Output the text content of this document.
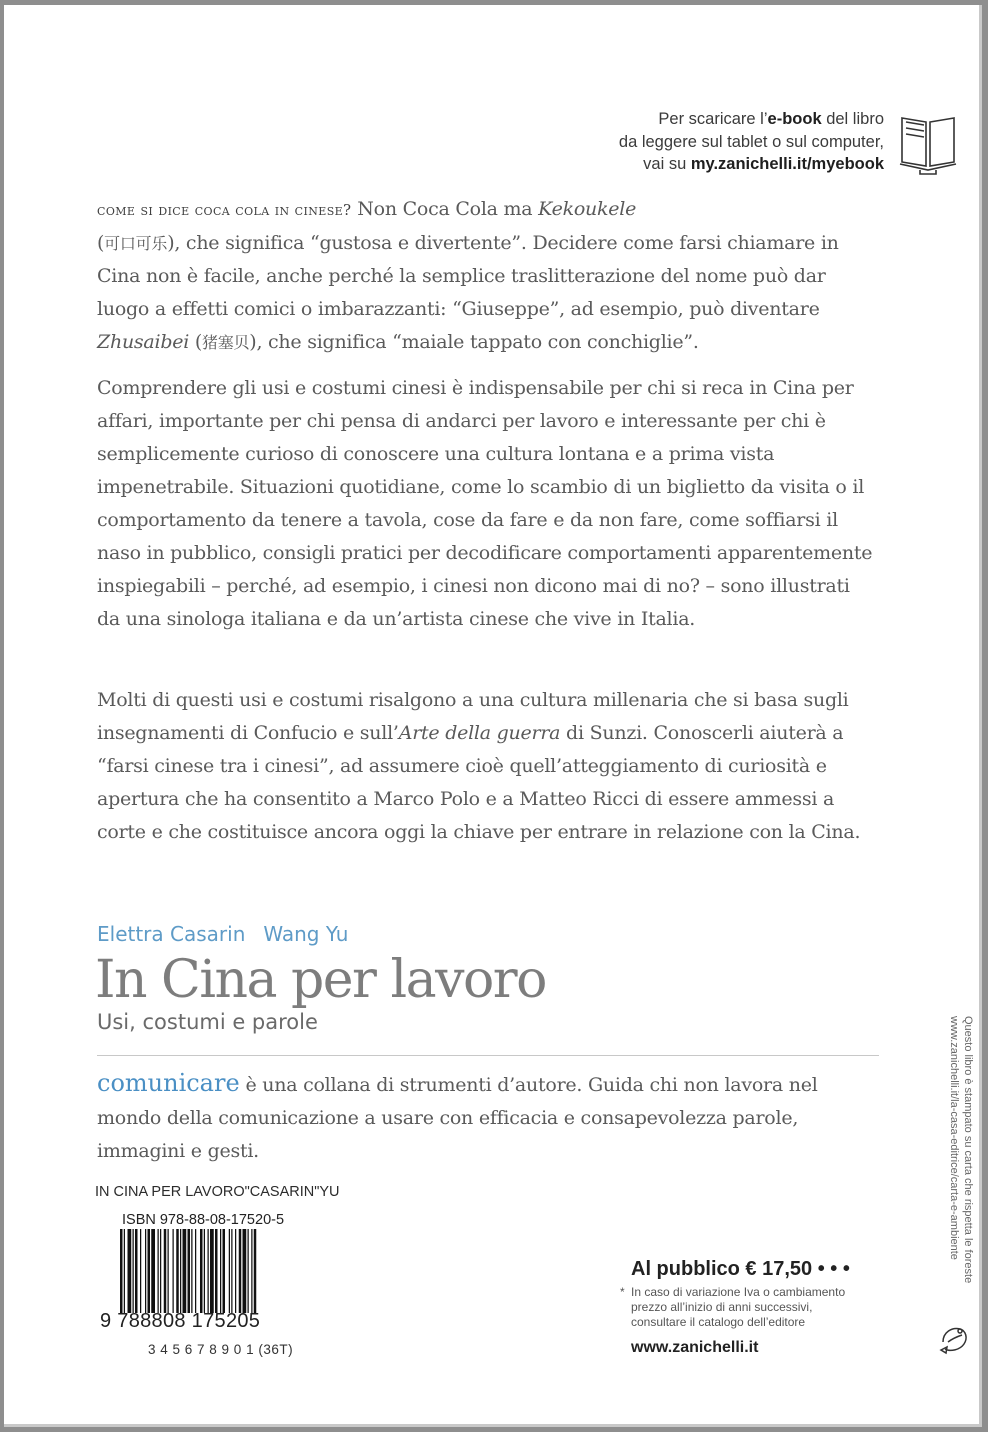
Per scaricare l’e-book del libro
da leggere sul tablet o sul computer,
vai su my.zanichelli.it/myebook
come si dice coca cola in cinese? Non Coca Cola ma Kekoukele
(可口可乐), che significa “gustosa e divertente”. Decidere come farsi chiamare in Cina non è facile, anche perché la semplice traslitterazione del nome può dar luogo a effetti comici o imbarazzanti: “Giuseppe”, ad esempio, può diventare Zhusaibei (猪塞贝), che significa “maiale tappato con conchiglie”.
Comprendere gli usi e costumi cinesi è indispensabile per chi si reca in Cina per affari, importante per chi pensa di andarci per lavoro e interessante per chi è semplicemente curioso di conoscere una cultura lontana e a prima vista impenetrabile. Situazioni quotidiane, come lo scambio di un biglietto da visita o il comportamento da tenere a tavola, cose da fare e da non fare, come soffiarsi il naso in pubblico, consigli pratici per decodificare comportamenti apparentemente inspiegabili – perché, ad esempio, i cinesi non dicono mai di no? – sono illustrati da una sinologa italiana e da un’artista cinese che vive in Italia.
Molti di questi usi e costumi risalgono a una cultura millenaria che si basa sugli insegnamenti di Confucio e sull’Arte della guerra di Sunzi. Conoscerli aiuterà a “farsi cinese tra i cinesi”, ad assumere cioè quell’atteggiamento di curiosità e apertura che ha consentito a Marco Polo e a Matteo Ricci di essere ammessi a corte e che costituisce ancora oggi la chiave per entrare in relazione con la Cina.
Elettra Casarin Wang Yu
In Cina per lavoro
Usi, costumi e parole
comunicare è una collana di strumenti d’autore. Guida chi non lavora nel mondo della comunicazione a usare con efficacia e consapevolezza parole, immagini e gesti.
IN CINA PER LAVORO"CASARIN"YU
ISBN 978-88-08-17520-5
9 788808 175205
3 4 5 6 7 8 9 0 1 (36T)
Al pubblico € 17,50 • • •
* In caso di variazione Iva o cambiamento
prezzo all’inizio di anni successivi,
consultare il catalogo dell’editore
www.zanichelli.it
Questo libro è stampato su carta che rispetta le foreste
www.zanichelli.it/la-casa-editrice/carta-e-ambiente
